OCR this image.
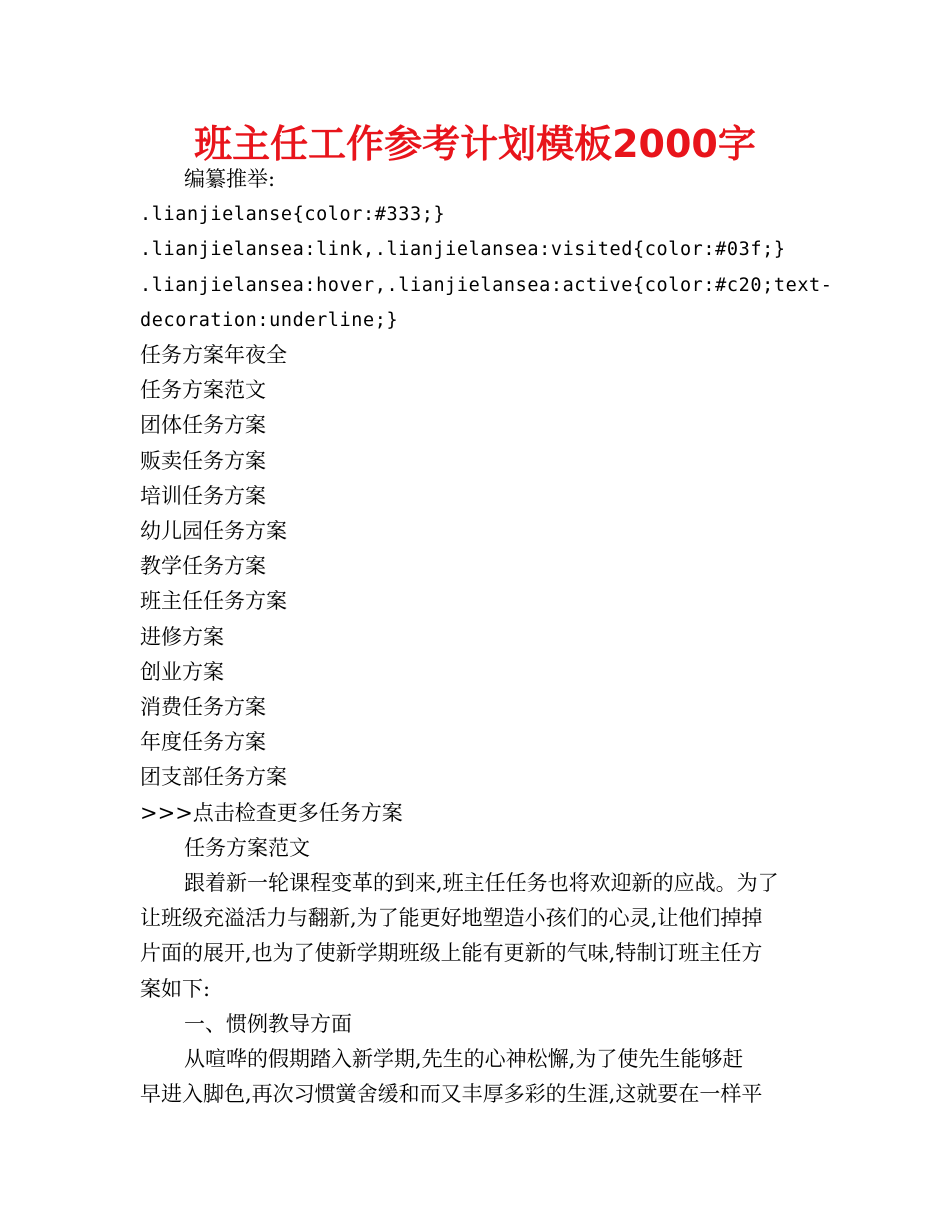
班主任工作参考计划模板2000字
编纂推举:
.lianjielanse{color:#333;}
.lianjielansea:link,.lianjielansea:visited{color:#03f;}
.lianjielansea:hover,.lianjielansea:active{color:#c20;text-
decoration:underline;}
任务方案年夜全
任务方案范文
团体任务方案
贩卖任务方案
培训任务方案
幼儿园任务方案
教学任务方案
班主任任务方案
进修方案
创业方案
消费任务方案
年度任务方案
团支部任务方案
>>>点击检查更多任务方案
任务方案范文
跟着新一轮课程变革的到来,班主任任务也将欢迎新的应战。为了
让班级充溢活力与翻新,为了能更好地塑造小孩们的心灵,让他们掉掉
片面的展开,也为了使新学期班级上能有更新的气味,特制订班主任方
案如下:
一、惯例教导方面
从喧哗的假期踏入新学期,先生的心神松懈,为了使先生能够赶
早进入脚色,再次习惯黉舍缓和而又丰厚多彩的生涯,这就要在一样平
